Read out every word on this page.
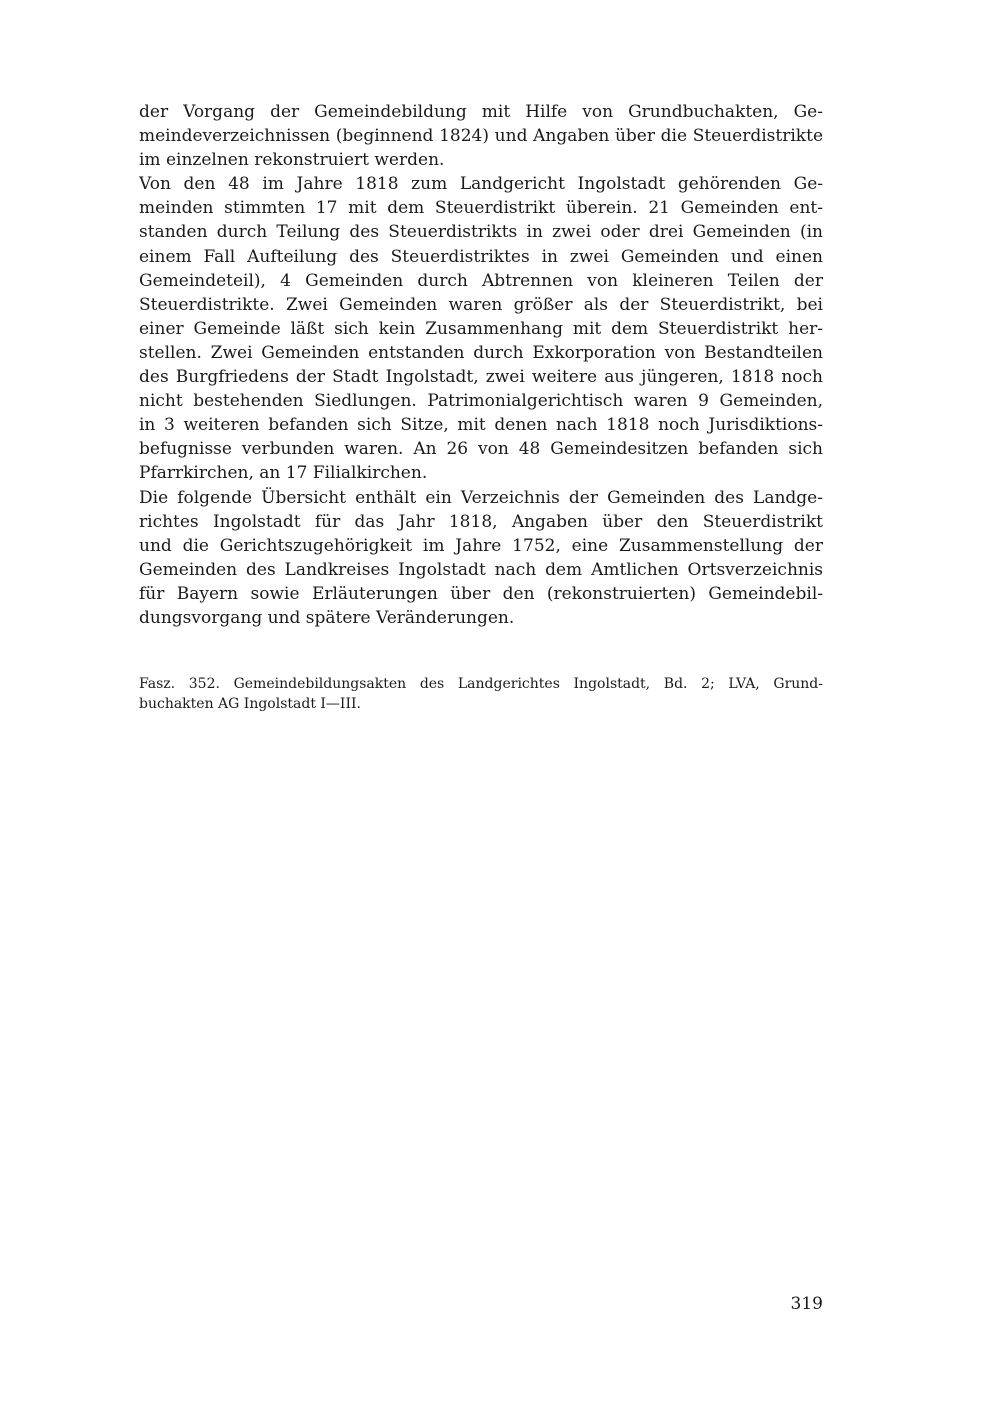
der Vorgang der Gemeindebildung mit Hilfe von Grundbuchakten, Ge-
meindeverzeichnissen (beginnend 1824) und Angaben über die Steuerdistrikte
im einzelnen rekonstruiert werden.

Von den 48 im Jahre 1818 zum Landgericht Ingolstadt gehörenden Ge-
meinden stimmten 17 mit dem Steuerdistrikt überein. 21 Gemeinden ent-
standen durch Teilung des Steuerdistrikts in zwei oder drei Gemeinden (in
einem Fall Aufteilung des Steuerdistriktes in zwei Gemeinden und einen
Gemeindeteil), 4 Gemeinden durch Abtrennen von kleineren Teilen der
Steuerdistrikte. Zwei Gemeinden waren größer als der Steuerdistrikt, bei
einer Gemeinde läßt sich kein Zusammenhang mit dem Steuerdistrikt her-
stellen. Zwei Gemeinden entstanden durch Exkorporation von Bestandteilen
des Burgfriedens der Stadt Ingolstadt, zwei weitere aus jüngeren, 1818 noch
nicht bestehenden Siedlungen. Patrimonialgerichtisch waren 9 Gemeinden,
in 3 weiteren befanden sich Sitze, mit denen nach 1818 noch Jurisdiktions-
befugnisse verbunden waren. An 26 von 48 Gemeindesitzen befanden sich
Pfarrkirchen, an 17 Filialkirchen.

Die folgende Übersicht enthält ein Verzeichnis der Gemeinden des Landge-
richtes Ingolstadt für das Jahr 1818, Angaben über den Steuerdistrikt
und die Gerichtszugehörigkeit im Jahre 1752, eine Zusammenstellung der
Gemeinden des Landkreises Ingolstadt nach dem Amtlichen Ortsverzeichnis
für Bayern sowie Erläuterungen über den (rekonstruierten) Gemeindebil-
dungsvorgang und spätere Veränderungen.

Fasz. 352. Gemeindebildungsakten des Landgerichtes Ingolstadt, Bd. 2; LVA, Grund-
buchakten AG Ingolstadt I—III.
319
